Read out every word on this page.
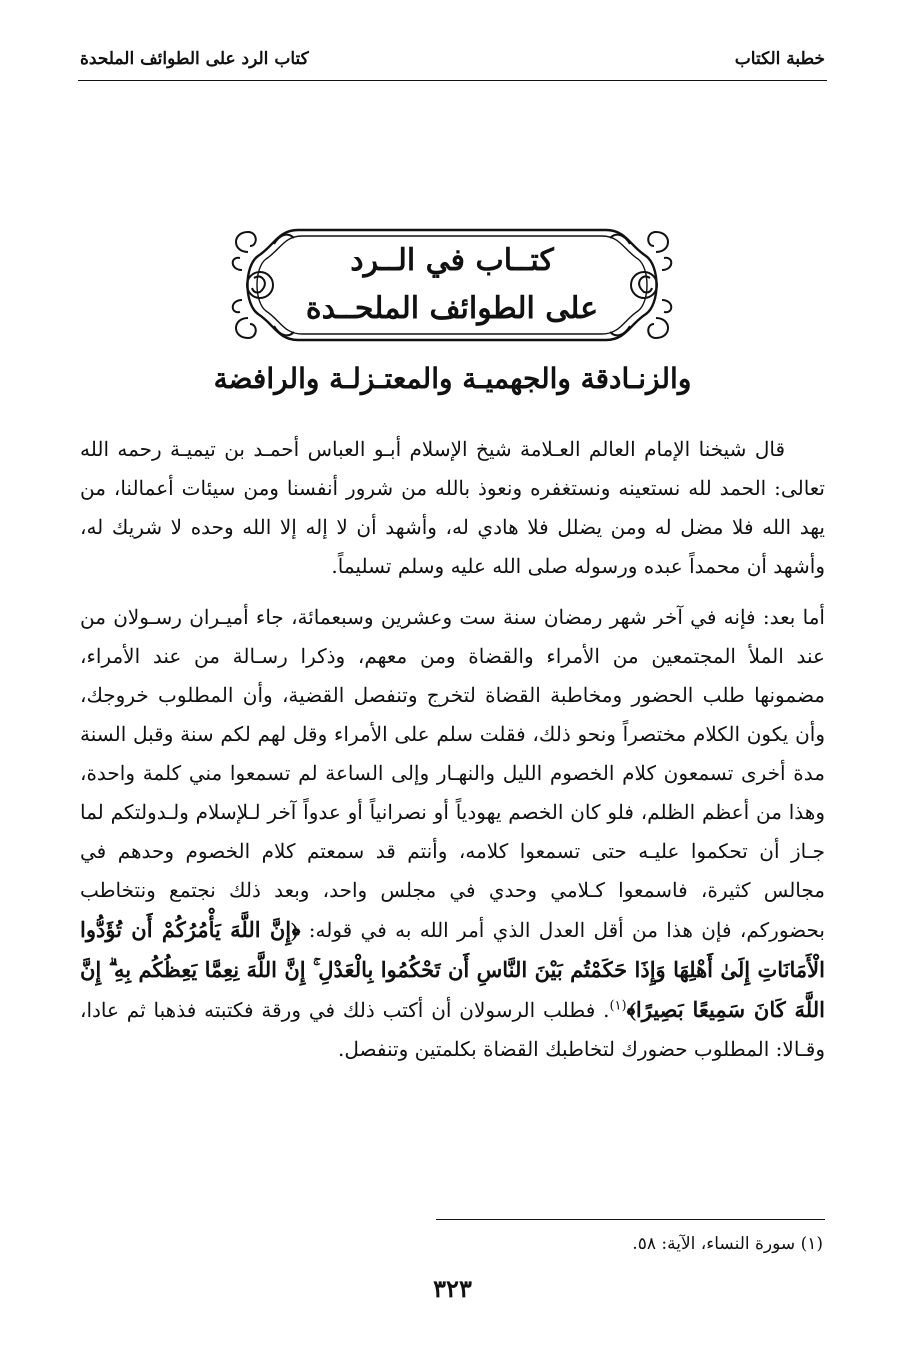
خطبة الكتاب
كتاب الرد على الطوائف الملحدة
كتــاب في الــرد
على الطوائف الملحــدة
والزنـادقة والجهميـة والمعتـزلـة والرافضة

قال شيخنا الإمام العالم العـلامة شيخ الإسلام أبـو العباس أحمـد بن تيميـة رحمه الله تعالى: الحمد لله نستعينه ونستغفره ونعوذ بالله من شرور أنفسنا ومن سيئات أعمالنا، من يهد الله فلا مضل له ومن يضلل فلا هادي له، وأشهد أن لا إله إلا الله وحده لا شريك له، وأشهد أن محمداً عبده ورسوله صلى الله عليه وسلم تسليماً.

أما بعد: فإنه في آخر شهر رمضان سنة ست وعشرين وسبعمائة، جاء أميـران رسـولان من عند الملأ المجتمعين من الأمراء والقضاة ومن معهم، وذكرا رسـالة من عند الأمراء، مضمونها طلب الحضور ومخاطبة القضاة لتخرج وتنفصل القضية، وأن المطلوب خروجك، وأن يكون الكلام مختصراً ونحو ذلك، فقلت سلم على الأمراء وقل لهم لكم سنة وقبل السنة مدة أخرى تسمعون كلام الخصوم الليل والنهـار وإلى الساعة لم تسمعوا مني كلمة واحدة، وهذا من أعظم الظلم، فلو كان الخصم يهودياً أو نصرانياً أو عدواً آخر لـلإسلام ولـدولتكم لما جـاز أن تحكموا عليـه حتى تسمعوا كلامه، وأنتم قد سمعتم كلام الخصوم وحدهم في مجالس كثيرة، فاسمعوا كـلامي وحدي في مجلس واحد، وبعد ذلك نجتمع ونتخاطب بحضوركم، فإن هذا من أقل العدل الذي أمر الله به في قوله: ﴿إِنَّ اللَّهَ يَأْمُرُكُمْ أَن تُؤَدُّوا الْأَمَانَاتِ إِلَىٰ أَهْلِهَا وَإِذَا حَكَمْتُم بَيْنَ النَّاسِ أَن تَحْكُمُوا بِالْعَدْلِ ۚ إِنَّ اللَّهَ نِعِمَّا يَعِظُكُم بِهِ ۗ إِنَّ اللَّهَ كَانَ سَمِيعًا بَصِيرًا﴾$^{(١)}$. فطلب الرسولان أن أكتب ذلك في ورقة فكتبته فذهبا ثم عادا، وقـالا: المطلوب حضورك لتخاطبك القضاة بكلمتين وتنفصل.

(١) سورة النساء، الآية: ٥٨.
٣٢٣
